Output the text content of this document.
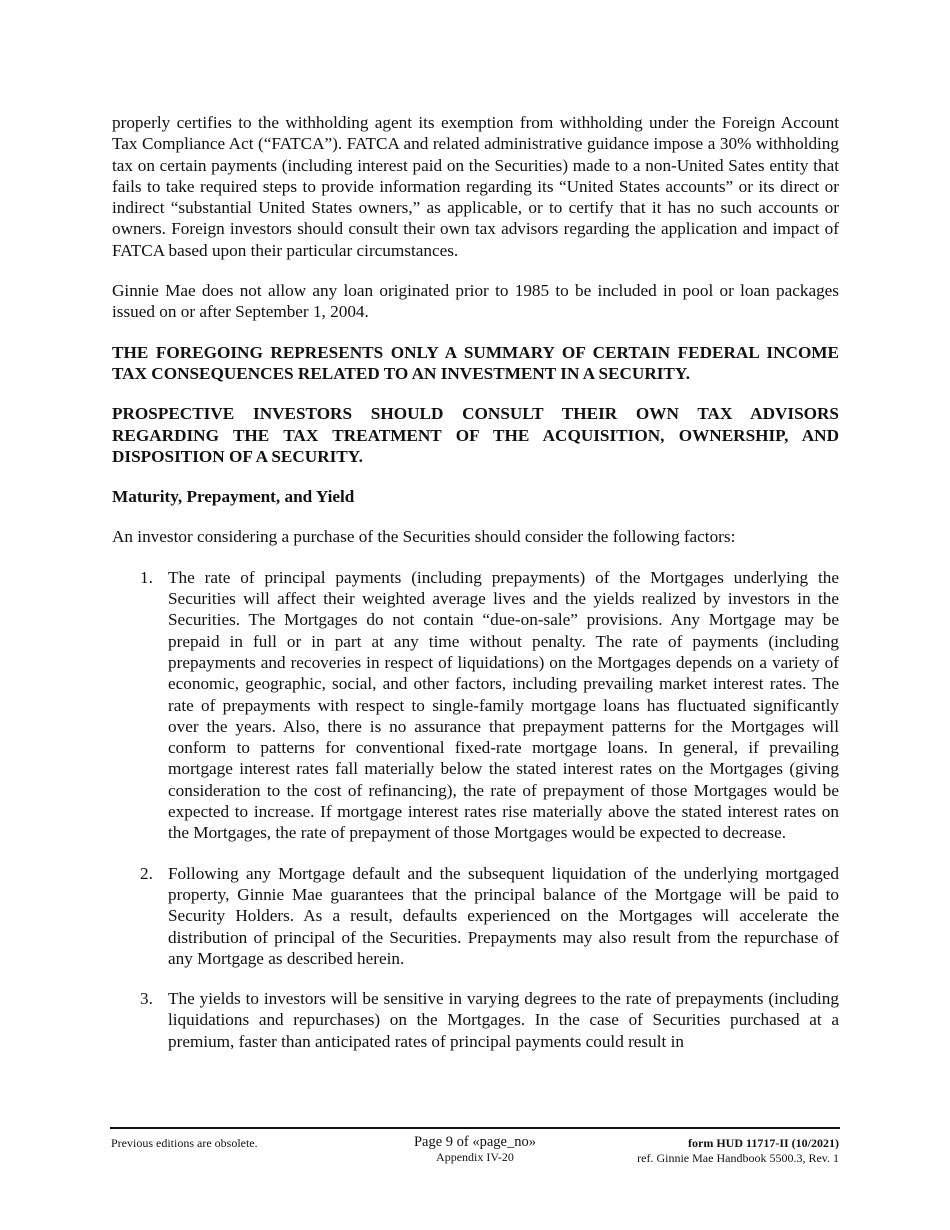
properly certifies to the withholding agent its exemption from withholding under the Foreign Account Tax Compliance Act (“FATCA”). FATCA and related administrative guidance impose a 30% withholding tax on certain payments (including interest paid on the Securities) made to a non-United Sates entity that fails to take required steps to provide information regarding its “United States accounts” or its direct or indirect “substantial United States owners,” as applicable, or to certify that it has no such accounts or owners. Foreign investors should consult their own tax advisors regarding the application and impact of FATCA based upon their particular circumstances.

Ginnie Mae does not allow any loan originated prior to 1985 to be included in pool or loan packages issued on or after September 1, 2004.

THE FOREGOING REPRESENTS ONLY A SUMMARY OF CERTAIN FEDERAL INCOME TAX CONSEQUENCES RELATED TO AN INVESTMENT IN A SECURITY.

PROSPECTIVE INVESTORS SHOULD CONSULT THEIR OWN TAX ADVISORS REGARDING THE TAX TREATMENT OF THE ACQUISITION, OWNERSHIP, AND DISPOSITION OF A SECURITY.

Maturity, Prepayment, and Yield

An investor considering a purchase of the Securities should consider the following factors:

1. The rate of principal payments (including prepayments) of the Mortgages underlying the Securities will affect their weighted average lives and the yields realized by investors in the Securities. The Mortgages do not contain “due-on-sale” provisions. Any Mortgage may be prepaid in full or in part at any time without penalty. The rate of payments (including prepayments and recoveries in respect of liquidations) on the Mortgages depends on a variety of economic, geographic, social, and other factors, including prevailing market interest rates. The rate of prepayments with respect to single-family mortgage loans has fluctuated significantly over the years. Also, there is no assurance that prepayment patterns for the Mortgages will conform to patterns for conventional fixed-rate mortgage loans. In general, if prevailing mortgage interest rates fall materially below the stated interest rates on the Mortgages (giving consideration to the cost of refinancing), the rate of prepayment of those Mortgages would be expected to increase. If mortgage interest rates rise materially above the stated interest rates on the Mortgages, the rate of prepayment of those Mortgages would be expected to decrease.

2. Following any Mortgage default and the subsequent liquidation of the underlying mortgaged property, Ginnie Mae guarantees that the principal balance of the Mortgage will be paid to Security Holders. As a result, defaults experienced on the Mortgages will accelerate the distribution of principal of the Securities. Prepayments may also result from the repurchase of any Mortgage as described herein.

3. The yields to investors will be sensitive in varying degrees to the rate of prepayments (including liquidations and repurchases) on the Mortgages. In the case of Securities purchased at a premium, faster than anticipated rates of principal payments could result in

Previous editions are obsolete.	Page 9 of «page_no»
Appendix IV-20
form HUD 11717-II (10/2021)
ref. Ginnie Mae Handbook 5500.3, Rev. 1
